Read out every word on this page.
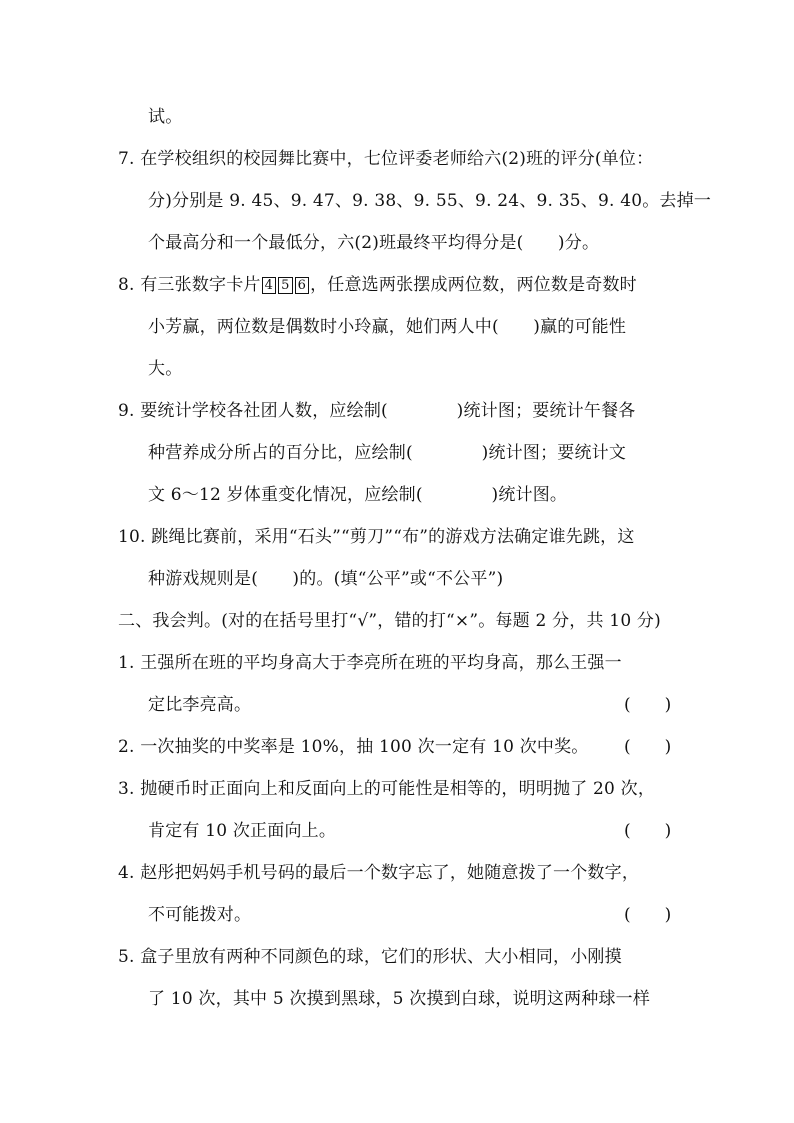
试。
7. 在学校组织的校园舞比赛中，七位评委老师给六(2)班的评分(单位：
分)分别是 9. 45、9. 47、9. 38、9. 55、9. 24、9. 35、9. 40。去掉一
个最高分和一个最低分，六(2)班最终平均得分是(　　)分。
8. 有三张数字卡片 4 5 6 ，任意选两张摆成两位数，两位数是奇数时
小芳赢，两位数是偶数时小玲赢，她们两人中(　　)赢的可能性
大。
9. 要统计学校各社团人数，应绘制(　　　　)统计图；要统计午餐各
种营养成分所占的百分比，应绘制(　　　　)统计图；要统计文
文 6～12 岁体重变化情况，应绘制(　　　　)统计图。
10. 跳绳比赛前，采用“石头”“剪刀”“布”的游戏方法确定谁先跳，这
种游戏规则是(　　)的。(填“公平”或“不公平”)
二、我会判。(对的在括号里打“√”，错的打“×”。每题 2 分，共 10 分)
1. 王强所在班的平均身高大于李亮所在班的平均身高，那么王强一
定比李亮高。	(　　)
2. 一次抽奖的中奖率是 10%，抽 100 次一定有 10 次中奖。 (　　)
3. 抛硬币时正面向上和反面向上的可能性是相等的，明明抛了 20 次，
肯定有 10 次正面向上。	(　　)
4. 赵彤把妈妈手机号码的最后一个数字忘了，她随意拨了一个数字，
不可能拨对。	(　　)
5. 盒子里放有两种不同颜色的球，它们的形状、大小相同，小刚摸
了 10 次，其中 5 次摸到黑球，5 次摸到白球，说明这两种球一样
